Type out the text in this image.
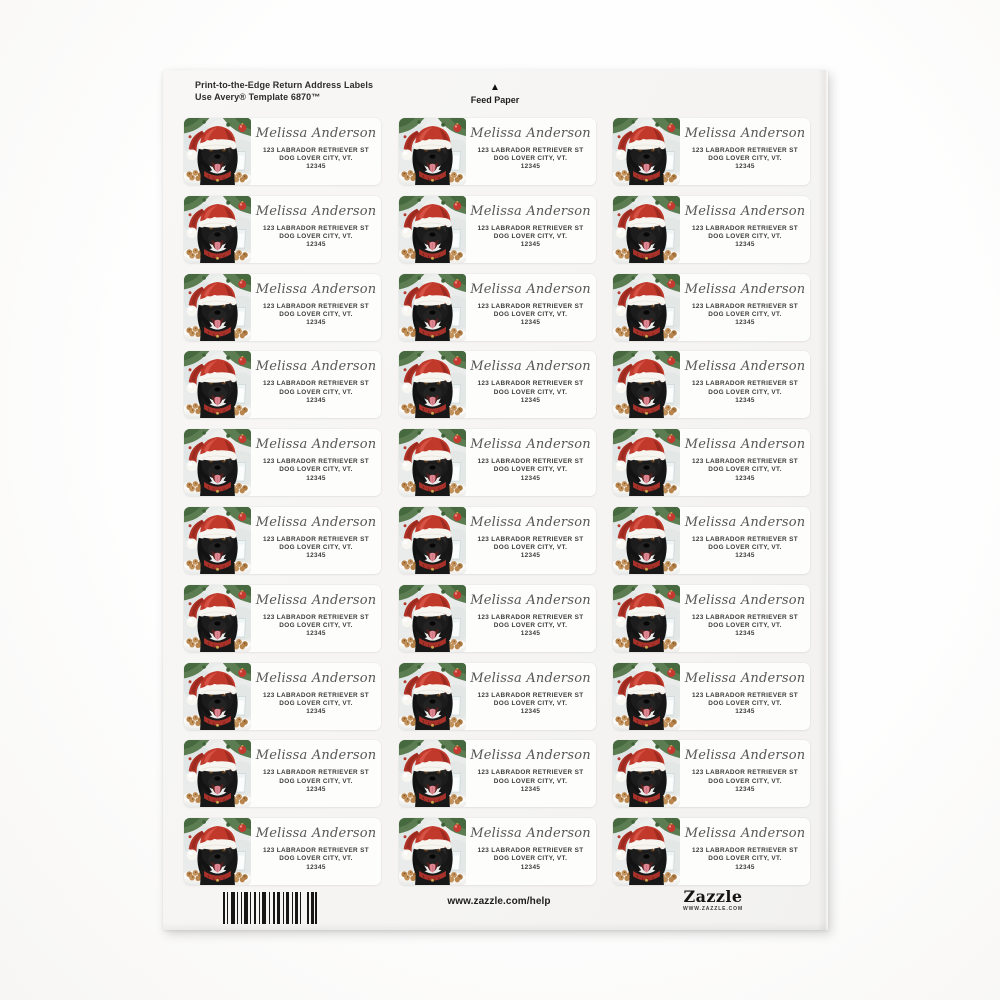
Print-to-the-Edge Return Address Labels
Use Avery® Template 6870™
▲
Feed Paper
Melissa Anderson
123 LABRADOR RETRIEVER ST
DOG LOVER CITY, VT.
12345
Melissa Anderson
123 LABRADOR RETRIEVER ST
DOG LOVER CITY, VT.
12345
Melissa Anderson
123 LABRADOR RETRIEVER ST
DOG LOVER CITY, VT.
12345
Melissa Anderson
123 LABRADOR RETRIEVER ST
DOG LOVER CITY, VT.
12345
Melissa Anderson
123 LABRADOR RETRIEVER ST
DOG LOVER CITY, VT.
12345
Melissa Anderson
123 LABRADOR RETRIEVER ST
DOG LOVER CITY, VT.
12345
Melissa Anderson
123 LABRADOR RETRIEVER ST
DOG LOVER CITY, VT.
12345
Melissa Anderson
123 LABRADOR RETRIEVER ST
DOG LOVER CITY, VT.
12345
Melissa Anderson
123 LABRADOR RETRIEVER ST
DOG LOVER CITY, VT.
12345
Melissa Anderson
123 LABRADOR RETRIEVER ST
DOG LOVER CITY, VT.
12345
Melissa Anderson
123 LABRADOR RETRIEVER ST
DOG LOVER CITY, VT.
12345
Melissa Anderson
123 LABRADOR RETRIEVER ST
DOG LOVER CITY, VT.
12345
Melissa Anderson
123 LABRADOR RETRIEVER ST
DOG LOVER CITY, VT.
12345
Melissa Anderson
123 LABRADOR RETRIEVER ST
DOG LOVER CITY, VT.
12345
Melissa Anderson
123 LABRADOR RETRIEVER ST
DOG LOVER CITY, VT.
12345
Melissa Anderson
123 LABRADOR RETRIEVER ST
DOG LOVER CITY, VT.
12345
Melissa Anderson
123 LABRADOR RETRIEVER ST
DOG LOVER CITY, VT.
12345
Melissa Anderson
123 LABRADOR RETRIEVER ST
DOG LOVER CITY, VT.
12345
Melissa Anderson
123 LABRADOR RETRIEVER ST
DOG LOVER CITY, VT.
12345
Melissa Anderson
123 LABRADOR RETRIEVER ST
DOG LOVER CITY, VT.
12345
Melissa Anderson
123 LABRADOR RETRIEVER ST
DOG LOVER CITY, VT.
12345
Melissa Anderson
123 LABRADOR RETRIEVER ST
DOG LOVER CITY, VT.
12345
Melissa Anderson
123 LABRADOR RETRIEVER ST
DOG LOVER CITY, VT.
12345
Melissa Anderson
123 LABRADOR RETRIEVER ST
DOG LOVER CITY, VT.
12345
Melissa Anderson
123 LABRADOR RETRIEVER ST
DOG LOVER CITY, VT.
12345
Melissa Anderson
123 LABRADOR RETRIEVER ST
DOG LOVER CITY, VT.
12345
Melissa Anderson
123 LABRADOR RETRIEVER ST
DOG LOVER CITY, VT.
12345
Melissa Anderson
123 LABRADOR RETRIEVER ST
DOG LOVER CITY, VT.
12345
Melissa Anderson
123 LABRADOR RETRIEVER ST
DOG LOVER CITY, VT.
12345
Melissa Anderson
123 LABRADOR RETRIEVER ST
DOG LOVER CITY, VT.
12345
www.zazzle.com/help	Zazzle
WWW.ZAZZLE.COM
